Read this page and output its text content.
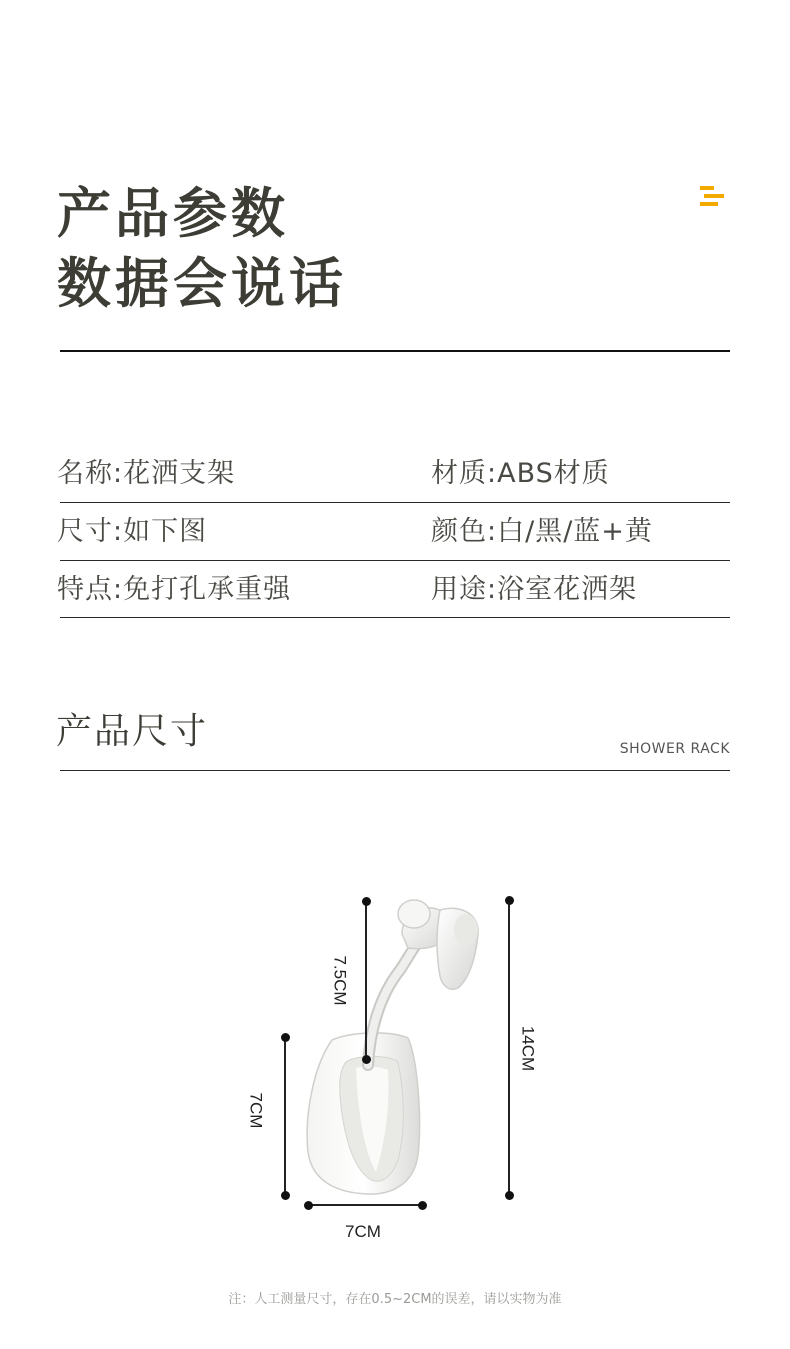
产品参数
数据会说话
名称:花洒支架	材质:ABS材质
尺寸:如下图	颜色:白/黑/蓝+黄
特点:免打孔承重强	用途:浴室花洒架
产品尺寸	SHOWER RACK
7.5CM
14CM
7CM
7CM
注：人工测量尺寸，存在0.5~2CM的误差，请以实物为准
